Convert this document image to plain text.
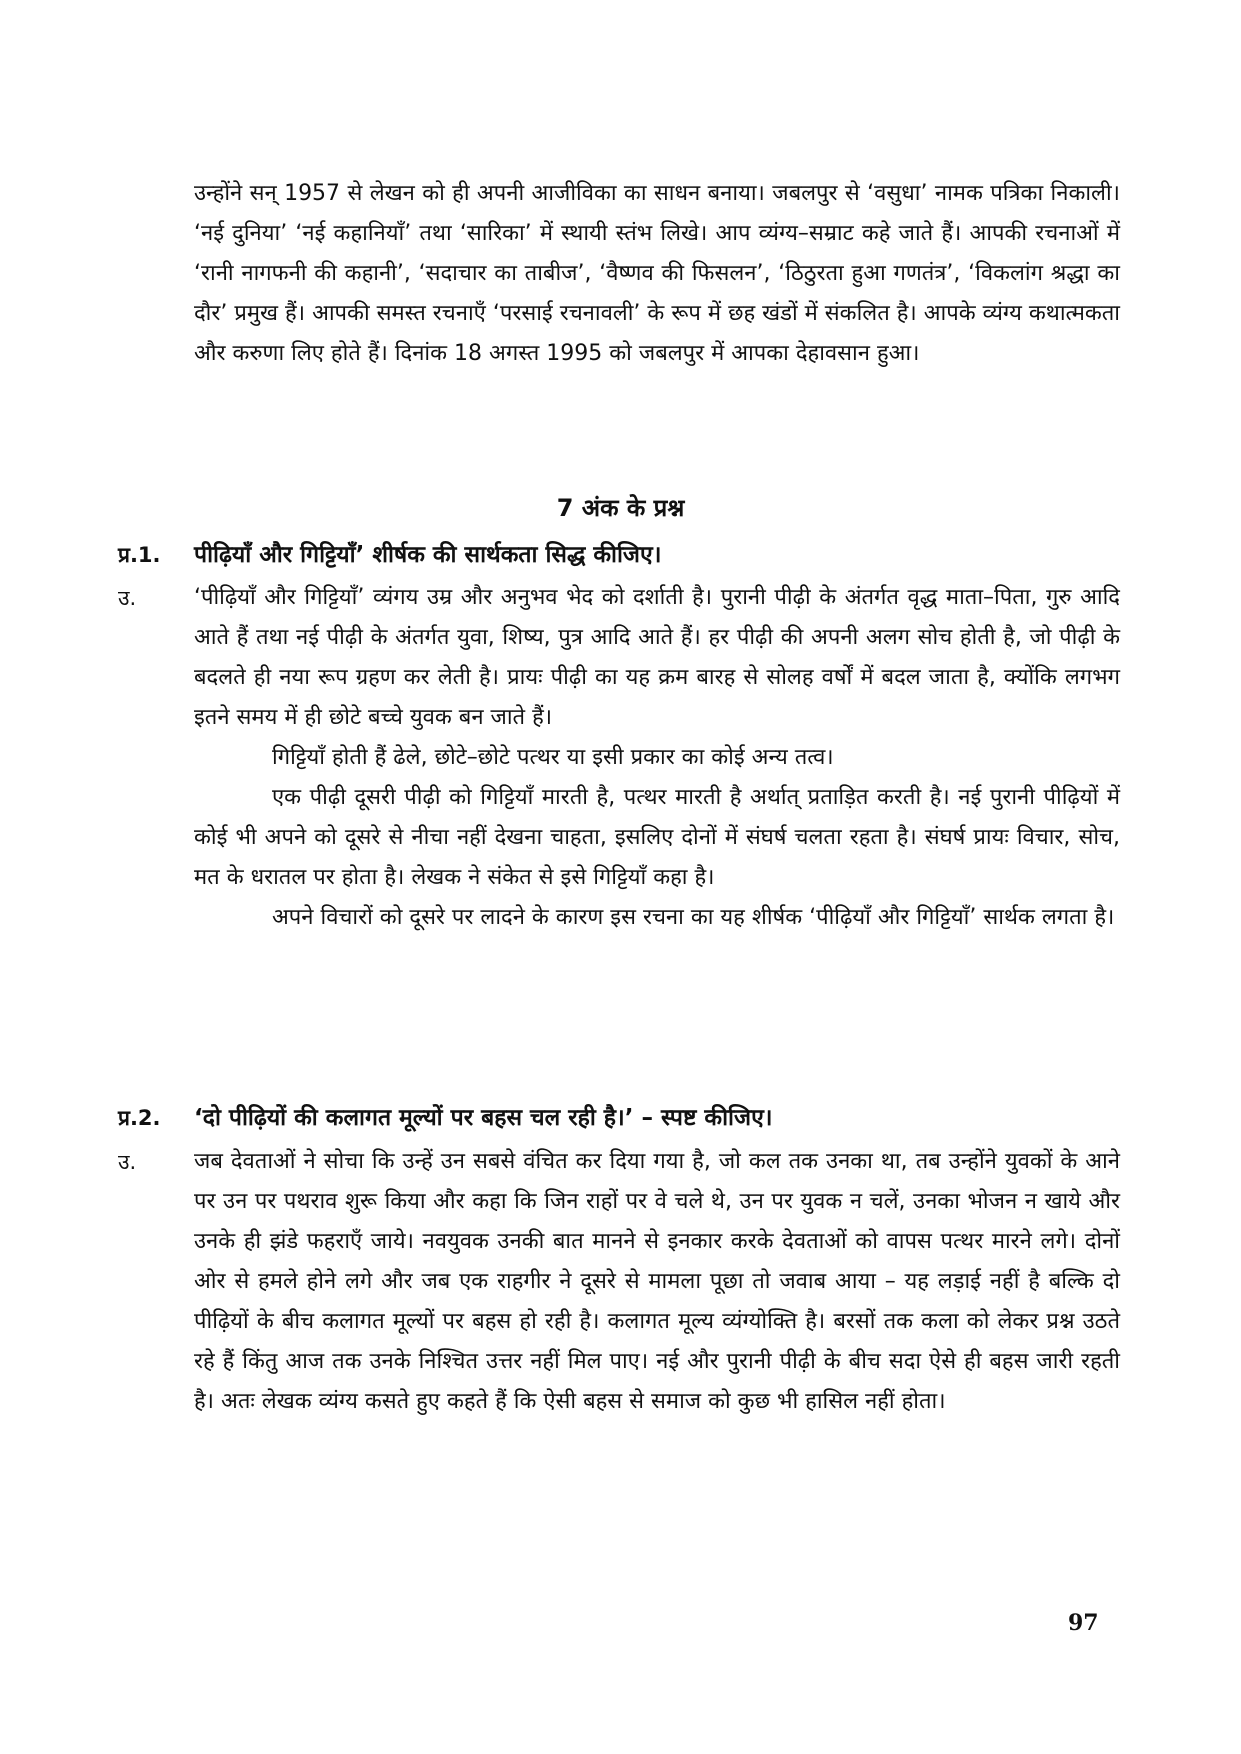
उन्होंने सन् 1957 से लेखन को ही अपनी आजीविका का साधन बनाया। जबलपुर से ‘वसुधा’ नामक पत्रिका निकाली। ‘नई दुनिया’ ‘नई कहानियाँ’ तथा ‘सारिका’ में स्थायी स्तंभ लिखे। आप व्यंग्य–सम्राट कहे जाते हैं। आपकी रचनाओं में ‘रानी नागफनी की कहानी’, ‘सदाचार का ताबीज’, ‘वैष्णव की फिसलन’, ‘ठिठुरता हुआ गणतंत्र’, ‘विकलांग श्रद्धा का दौर’ प्रमुख हैं। आपकी समस्त रचनाएँ ‘परसाई रचनावली’ के रूप में छह खंडों में संकलित है। आपके व्यंग्य कथात्मकता और करुणा लिए होते हैं। दिनांक 18 अगस्त 1995 को जबलपुर में आपका देहावसान हुआ।

7 अंक के प्रश्न
प्र.1. पीढ़ियाँ और गिट्टियाँ’ शीर्षक की सार्थकता सिद्ध कीजिए।

उ.	‘पीढ़ियाँ और गिट्टियाँ’ व्यंगय उम्र और अनुभव भेद को दर्शाती है। पुरानी पीढ़ी के अंतर्गत वृद्ध माता–पिता, गुरु आदि आते हैं तथा नई पीढ़ी के अंतर्गत युवा, शिष्य, पुत्र आदि आते हैं। हर पीढ़ी की अपनी अलग सोच होती है, जो पीढ़ी के बदलते ही नया रूप ग्रहण कर लेती है। प्रायः पीढ़ी का यह क्रम बारह से सोलह वर्षों में बदल जाता है, क्योंकि लगभग इतने समय में ही छोटे बच्चे युवक बन जाते हैं।

गिट्टियाँ होती हैं ढेले, छोटे–छोटे पत्थर या इसी प्रकार का कोई अन्य तत्व।

एक पीढ़ी दूसरी पीढ़ी को गिट्टियाँ मारती है, पत्थर मारती है अर्थात् प्रताड़ित करती है। नई पुरानी पीढ़ियों में कोई भी अपने को दूसरे से नीचा नहीं देखना चाहता, इसलिए दोनों में संघर्ष चलता रहता है। संघर्ष प्रायः विचार, सोच, मत के धरातल पर होता है। लेखक ने संकेत से इसे गिट्टियाँ कहा है।

अपने विचारों को दूसरे पर लादने के कारण इस रचना का यह शीर्षक ‘पीढ़ियाँ और गिट्टियाँ’ सार्थक लगता है।

प्र.2. ‘दो पीढ़ियों की कलागत मूल्यों पर बहस चल रही है।’ – स्पष्ट कीजिए।

उ.	जब देवताओं ने सोचा कि उन्हें उन सबसे वंचित कर दिया गया है, जो कल तक उनका था, तब उन्होंने युवकों के आने पर उन पर पथराव शुरू किया और कहा कि जिन राहों पर वे चले थे, उन पर युवक न चलें, उनका भोजन न खाये और उनके ही झंडे फहराएँ जाये। नवयुवक उनकी बात मानने से इनकार करके देवताओं को वापस पत्थर मारने लगे। दोनों ओर से हमले होने लगे और जब एक राहगीर ने दूसरे से मामला पूछा तो जवाब आया – यह लड़ाई नहीं है बल्कि दो पीढ़ियों के बीच कलागत मूल्यों पर बहस हो रही है। कलागत मूल्य व्यंग्योक्ति है। बरसों तक कला को लेकर प्रश्न उठते रहे हैं किंतु आज तक उनके निश्चित उत्तर नहीं मिल पाए। नई और पुरानी पीढ़ी के बीच सदा ऐसे ही बहस जारी रहती है। अतः लेखक व्यंग्य कसते हुए कहते हैं कि ऐसी बहस से समाज को कुछ भी हासिल नहीं होता।

97
